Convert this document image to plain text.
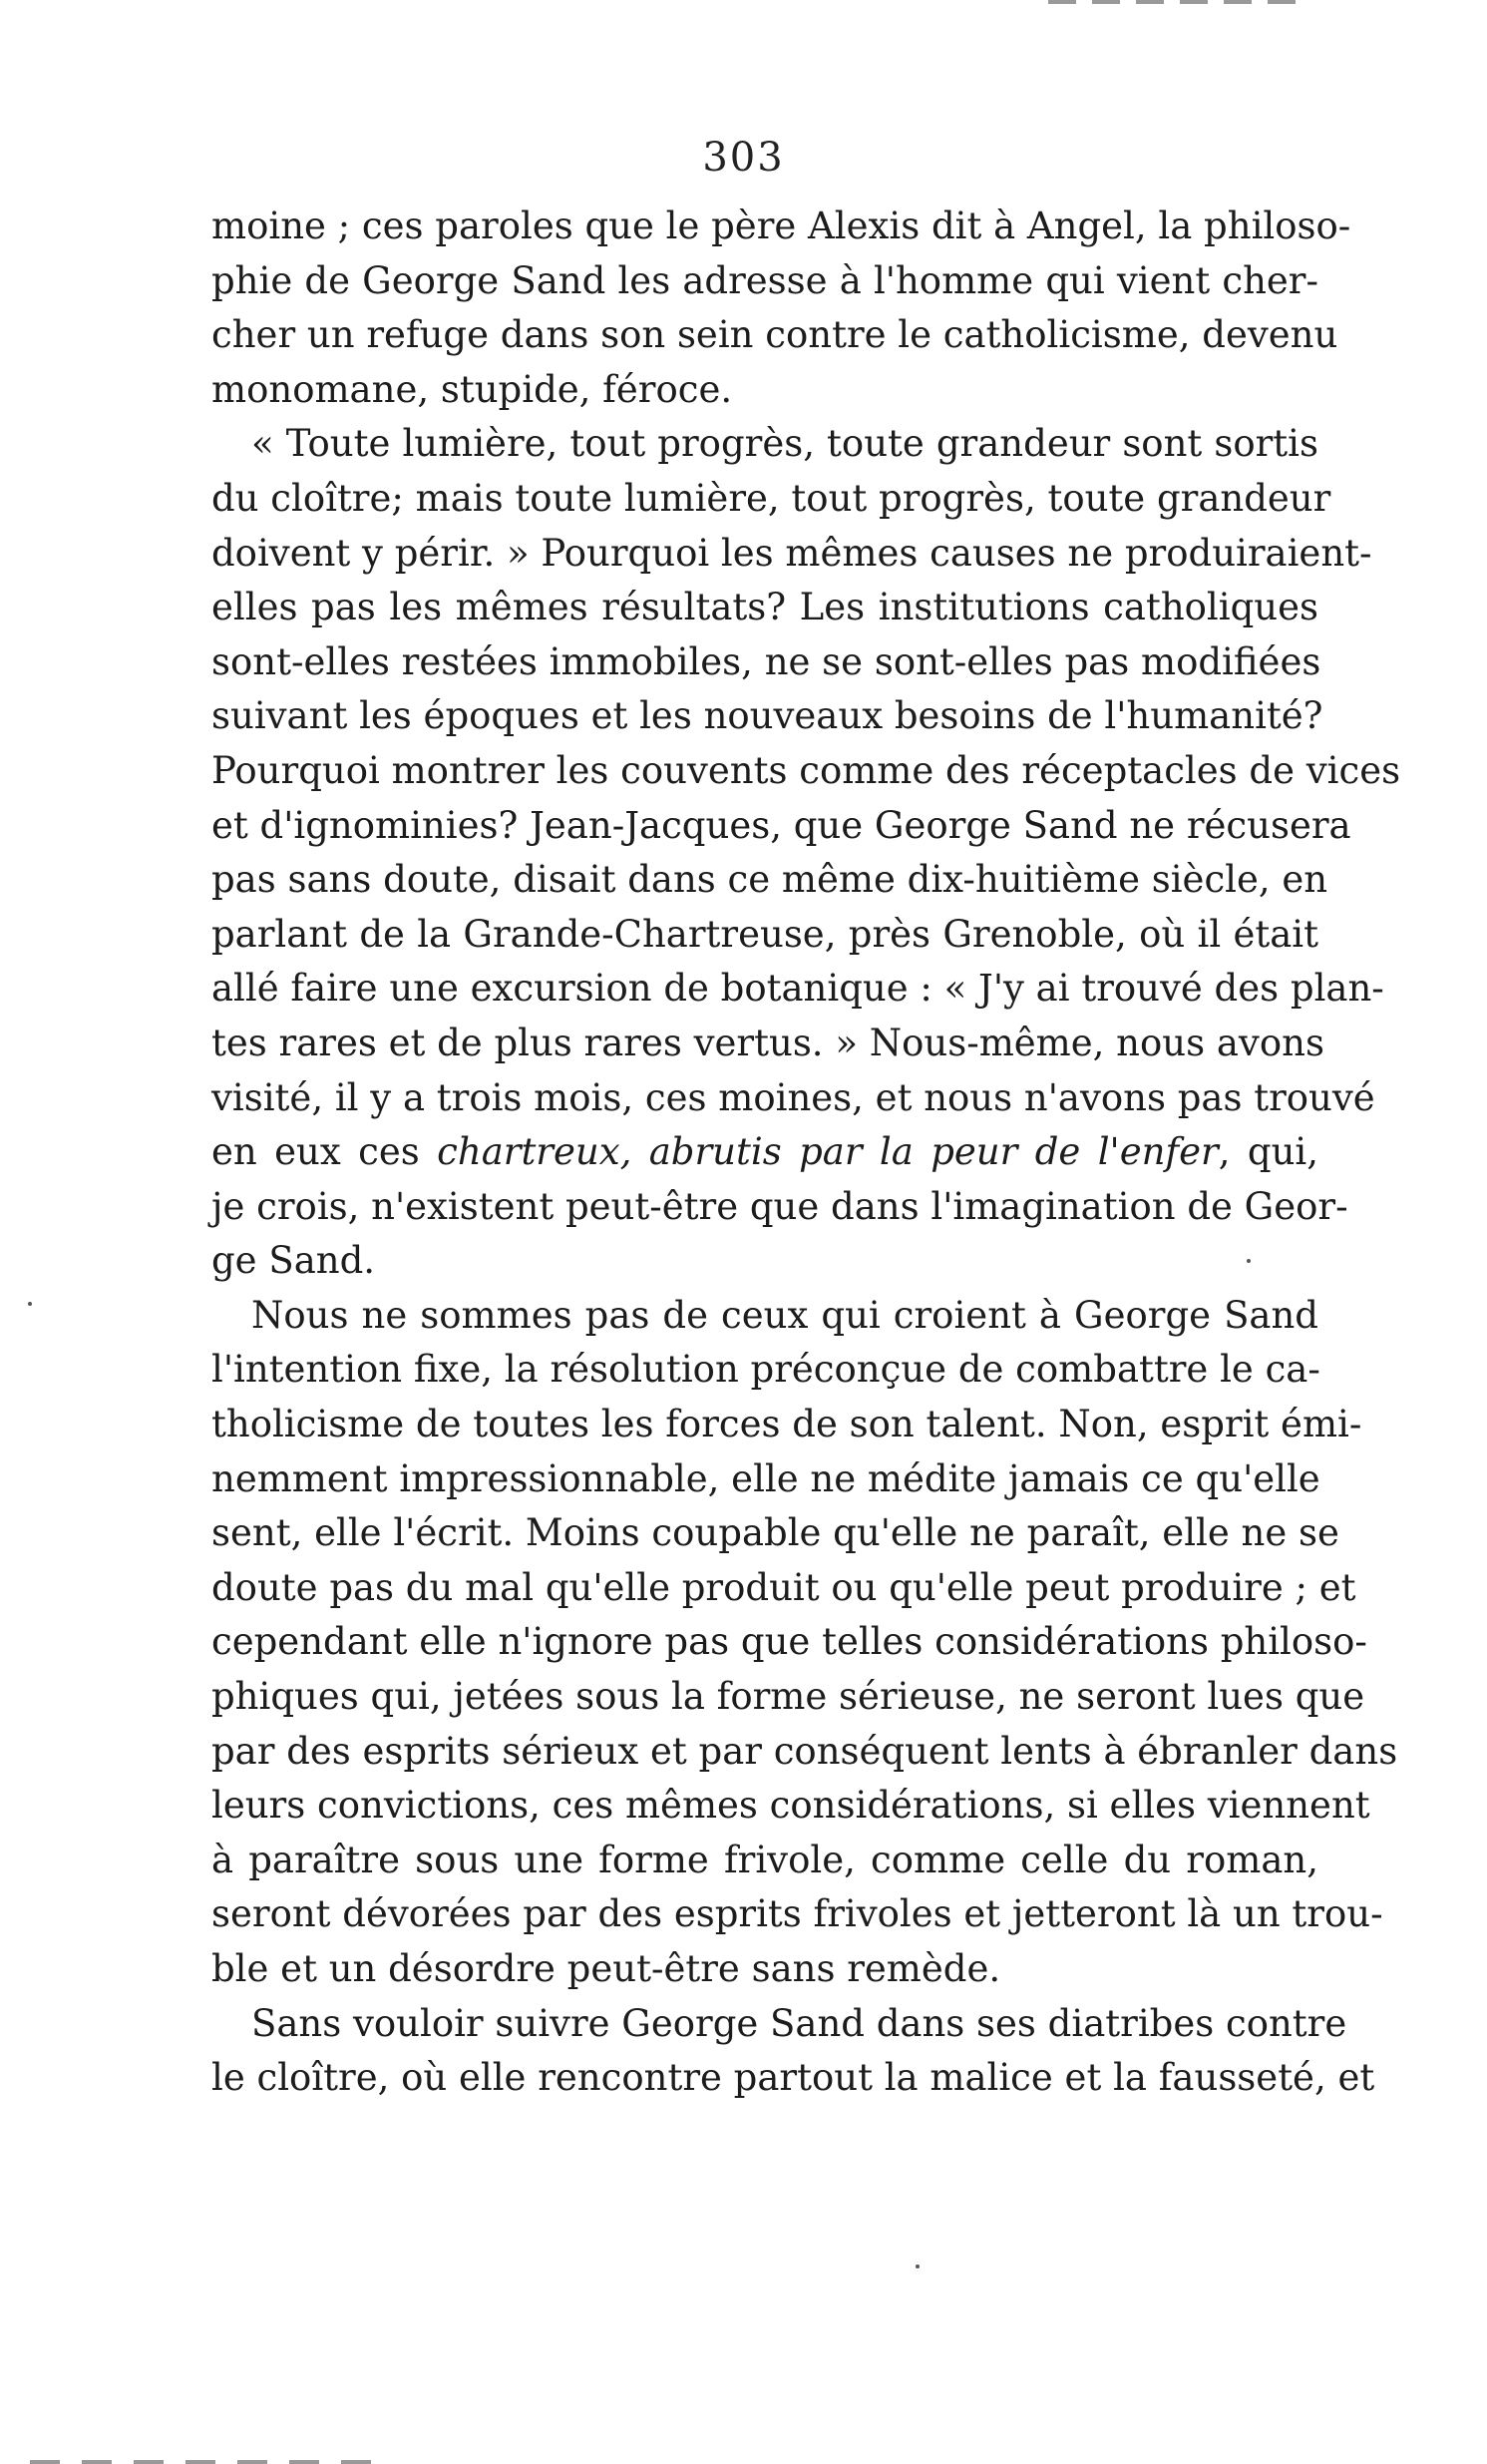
303
moine ; ces paroles que le père Alexis dit à Angel, la philoso-
phie de George Sand les adresse à l'homme qui vient cher-
cher un refuge dans son sein contre le catholicisme, devenu
monomane, stupide, féroce.
« Toute lumière, tout progrès, toute grandeur sont sortis
du cloître; mais toute lumière, tout progrès, toute grandeur
doivent y périr. » Pourquoi les mêmes causes ne produiraient-
elles pas les mêmes résultats? Les institutions catholiques
sont-elles restées immobiles, ne se sont-elles pas modifiées
suivant les époques et les nouveaux besoins de l'humanité?
Pourquoi montrer les couvents comme des réceptacles de vices
et d'ignominies? Jean-Jacques, que George Sand ne récusera
pas sans doute, disait dans ce même dix-huitième siècle, en
parlant de la Grande-Chartreuse, près Grenoble, où il était
allé faire une excursion de botanique : « J'y ai trouvé des plan-
tes rares et de plus rares vertus. » Nous-même, nous avons
visité, il y a trois mois, ces moines, et nous n'avons pas trouvé
en eux ces chartreux, abrutis par la peur de l'enfer, qui,
je crois, n'existent peut-être que dans l'imagination de Geor-
ge Sand.
Nous ne sommes pas de ceux qui croient à George Sand
l'intention fixe, la résolution préconçue de combattre le ca-
tholicisme de toutes les forces de son talent. Non, esprit émi-
nemment impressionnable, elle ne médite jamais ce qu'elle
sent, elle l'écrit. Moins coupable qu'elle ne paraît, elle ne se
doute pas du mal qu'elle produit ou qu'elle peut produire ; et
cependant elle n'ignore pas que telles considérations philoso-
phiques qui, jetées sous la forme sérieuse, ne seront lues que
par des esprits sérieux et par conséquent lents à ébranler dans
leurs convictions, ces mêmes considérations, si elles viennent
à paraître sous une forme frivole, comme celle du roman,
seront dévorées par des esprits frivoles et jetteront là un trou-
ble et un désordre peut-être sans remède.
Sans vouloir suivre George Sand dans ses diatribes contre
le cloître, où elle rencontre partout la malice et la fausseté, et
